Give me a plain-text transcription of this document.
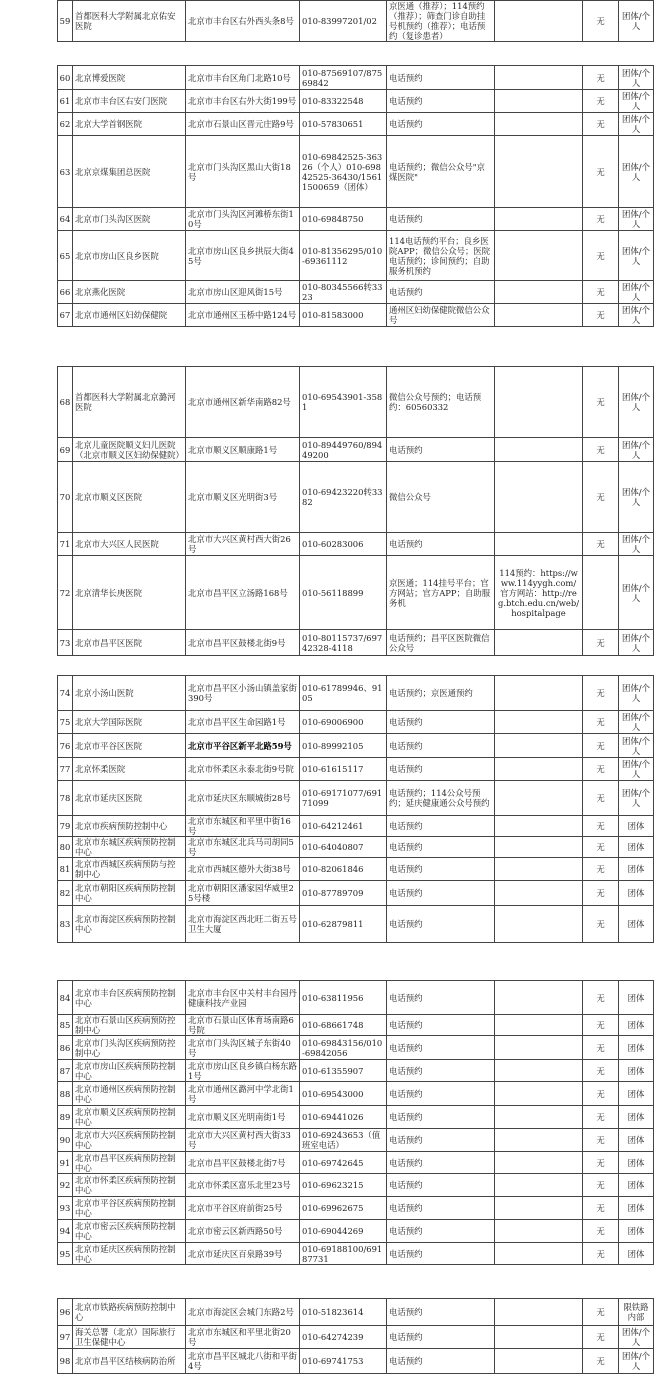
59	首都医科大学附属北京佑安医院	北京市丰台区右外西头条8号	010-83997201/02	京医通（推荐）；114预约（推荐）；筛查门诊自助挂号机预约（推荐）；电话预约（复诊患者）		无	团体/个人
60	北京博爱医院	北京市丰台区角门北路10号	010-87569107/87569842	电话预约		无	团体/个人
61	北京市丰台区右安门医院	北京市丰台区右外大街199号	010-83322548	电话预约		无	团体/个人
62	北京大学首钢医院	北京市石景山区晋元庄路9号	010-57830651	电话预约		无	团体/个人
63	北京京煤集团总医院	北京市门头沟区黑山大街18号	010-69842525-36326（个人）010-69842525-36430/15611500659（团体）	电话预约；微信公众号"京煤医院"		无	团体/个人
64	北京市门头沟区医院	北京市门头沟区河滩桥东街10号	010-69848750	电话预约		无	团体/个人
65	北京市房山区良乡医院	北京市房山区良乡拱辰大街45号	010-81356295/010-69361112	114电话预约平台；良乡医院APP；微信公众号；医院电话预约；诊间预约；自助服务机预约		无	团体/个人
66	北京燕化医院	北京市房山区迎风街15号	010-80345566转3323	电话预约		无	团体/个人
67	北京市通州区妇幼保健院	北京市通州区玉桥中路124号	010-81583000	通州区妇幼保健院微信公众号		无	团体/个人
68	首都医科大学附属北京潞河医院	北京市通州区新华南路82号	010-69543901-3581	微信公众号预约；电话预约：60560332		无	团体/个人
69	北京儿童医院顺义妇儿医院（北京市顺义区妇幼保健院）	北京市顺义区顺康路1号	010-89449760/89449200	电话预约		无	团体/个人
70	北京市顺义区医院	北京市顺义区光明街3号	010-69423220转3382	微信公众号		无	团体/个人
71	北京市大兴区人民医院	北京市大兴区黄村西大街26号	010-60283006	电话预约		无	团体/个人
72	北京清华长庚医院	北京市昌平区立汤路168号	010-56118899	京医通；114挂号平台；官方网站；官方APP；自助服务机	114预约：https://www.114yygh.com/ 官方网站：http://reg.btch.edu.cn/web/hospitalpage		团体/个人
73	北京市昌平区医院	北京市昌平区鼓楼北街9号	010-80115737/69742328-4118	电话预约；昌平区医院微信公众号		无	团体/个人
74	北京小汤山医院	北京市昌平区小汤山镇盖家街390号	010-61789946、9105	电话预约；京医通预约		无	团体/个人
75	北京大学国际医院	北京市昌平区生命园路1号	010-69006900	电话预约		无	团体/个人
76	北京市平谷区医院	北京市平谷区新平北路59号	010-89992105	电话预约		无	团体/个人
77	北京怀柔医院	北京市怀柔区永泰北街9号院	010-61615117	电话预约		无	团体/个人
78	北京市延庆区医院	北京市延庆区东顺城街28号	010-69171077/69171099	电话预约；114公众号预约；延庆健康通公众号预约		无	团体/个人
79	北京市疾病预防控制中心	北京市东城区和平里中街16号	010-64212461	电话预约		无	团体
80	北京市东城区疾病预防控制中心	北京市东城区北兵马司胡同5号	010-64040807	电话预约		无	团体
81	北京市西城区疾病预防与控制中心	北京市西城区德外大街38号	010-82061846	电话预约		无	团体
82	北京市朝阳区疾病预防控制中心	北京市朝阳区潘家园华威里25号楼	010-87789709	电话预约		无	团体
83	北京市海淀区疾病预防控制中心	北京市海淀区西北旺二街五号卫生大厦	010-62879811	电话预约		无	团体
84	北京市丰台区疾病预防控制中心	北京市丰台区中关村丰台园丹健康科技产业园	010-63811956	电话预约		无	团体
85	北京市石景山区疾病预防控制中心	北京市石景山区体育场南路6号院	010-68661748	电话预约		无	团体
86	北京市门头沟区疾病预防控制中心	北京市门头沟区城子东街40号	010-69843156/010-69842056	电话预约		无	团体
87	北京市房山区疾病预防控制中心	北京市房山区良乡镇白杨东路1号	010-61355907	电话预约		无	团体
88	北京市通州区疾病预防控制中心	北京市通州区潞河中学北街1号	010-69543000	电话预约		无	团体
89	北京市顺义区疾病预防控制中心	北京市顺义区光明南街1号	010-69441026	电话预约		无	团体
90	北京市大兴区疾病预防控制中心	北京市大兴区黄村西大街33号	010-69243653（值班室电话）	电话预约		无	团体
91	北京市昌平区疾病预防控制中心	北京市昌平区鼓楼北街7号	010-69742645	电话预约		无	团体
92	北京市怀柔区疾病预防控制中心	北京市怀柔区富乐北里23号	010-69623215	电话预约		无	团体
93	北京市平谷区疾病预防控制中心	北京市平谷区府前街25号	010-69962675	电话预约		无	团体
94	北京市密云区疾病预防控制中心	北京市密云区新西路50号	010-69044269	电话预约		无	团体
95	北京市延庆区疾病预防控制中心	北京市延庆区百泉路39号	010-69188100/69187731	电话预约		无	团体
96	北京市铁路疾病预防控制中心	北京市海淀区会城门东路2号	010-51823614	电话预约		无	限铁路内部
97	海关总署（北京）国际旅行卫生保健中心	北京市东城区和平里北街20号	010-64274239	电话预约		无	团体/个人
98	北京市昌平区结核病防治所	北京市昌平区城北八街和平街4号	010-69741753	电话预约		无	团体/个人
